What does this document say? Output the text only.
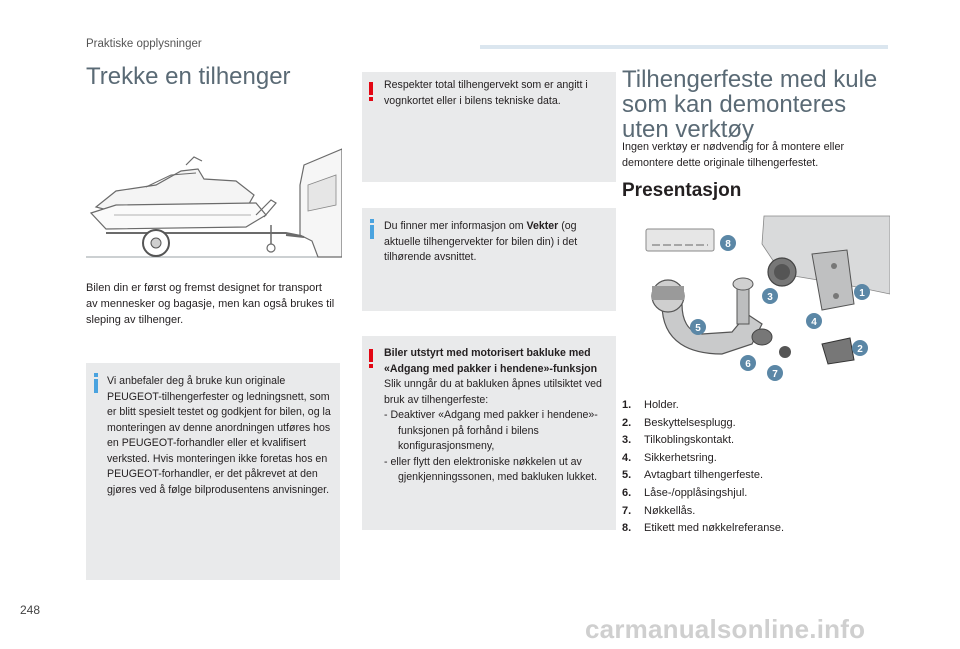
Praktiske opplysninger
Trekke en tilhenger
Bilen din er først og fremst designet for transport av mennesker og bagasje, men kan også brukes til sleping av tilhenger.
Vi anbefaler deg å bruke kun originale PEUGEOT-tilhengerfester og ledningsnett, som er blitt spesielt testet og godkjent for bilen, og la monteringen av denne anordningen utføres hos en PEUGEOT-forhandler eller et kvalifisert verksted. Hvis monteringen ikke foretas hos en PEUGEOT-forhandler, er det påkrevet at den gjøres ved å følge bilprodusentens anvisninger.
Respekter total tilhengervekt som er angitt i vognkortet eller i bilens tekniske data.
Du finner mer informasjon om Vekter (og aktuelle tilhengervekter for bilen din) i det tilhørende avsnittet.
Biler utstyrt med motorisert bakluke med «Adgang med pakker i hendene»-funksjon
Slik unngår du at bakluken åpnes utilsiktet ved bruk av tilhengerfeste:
- Deaktiver «Adgang med pakker i hendene»-funksjonen på forhånd i bilens konfigurasjonsmeny,
- eller flytt den elektroniske nøkkelen ut av gjenkjenningssonen, med bakluken lukket.
Tilhengerfeste med kule som kan demonteres uten verktøy
Ingen verktøy er nødvendig for å montere eller demontere dette originale tilhengerfestet.
Presentasjon
1
2
3
4
5
6
7
8
1.	Holder.
2.	Beskyttelsesplugg.
3.	Tilkoblingskontakt.
4.	Sikkerhetsring.
5.	Avtagbart tilhengerfeste.
6.	Låse-/opplåsingshjul.
7.	Nøkkellås.
8.	Etikett med nøkkelreferanse.
248
carmanualsonline.info
